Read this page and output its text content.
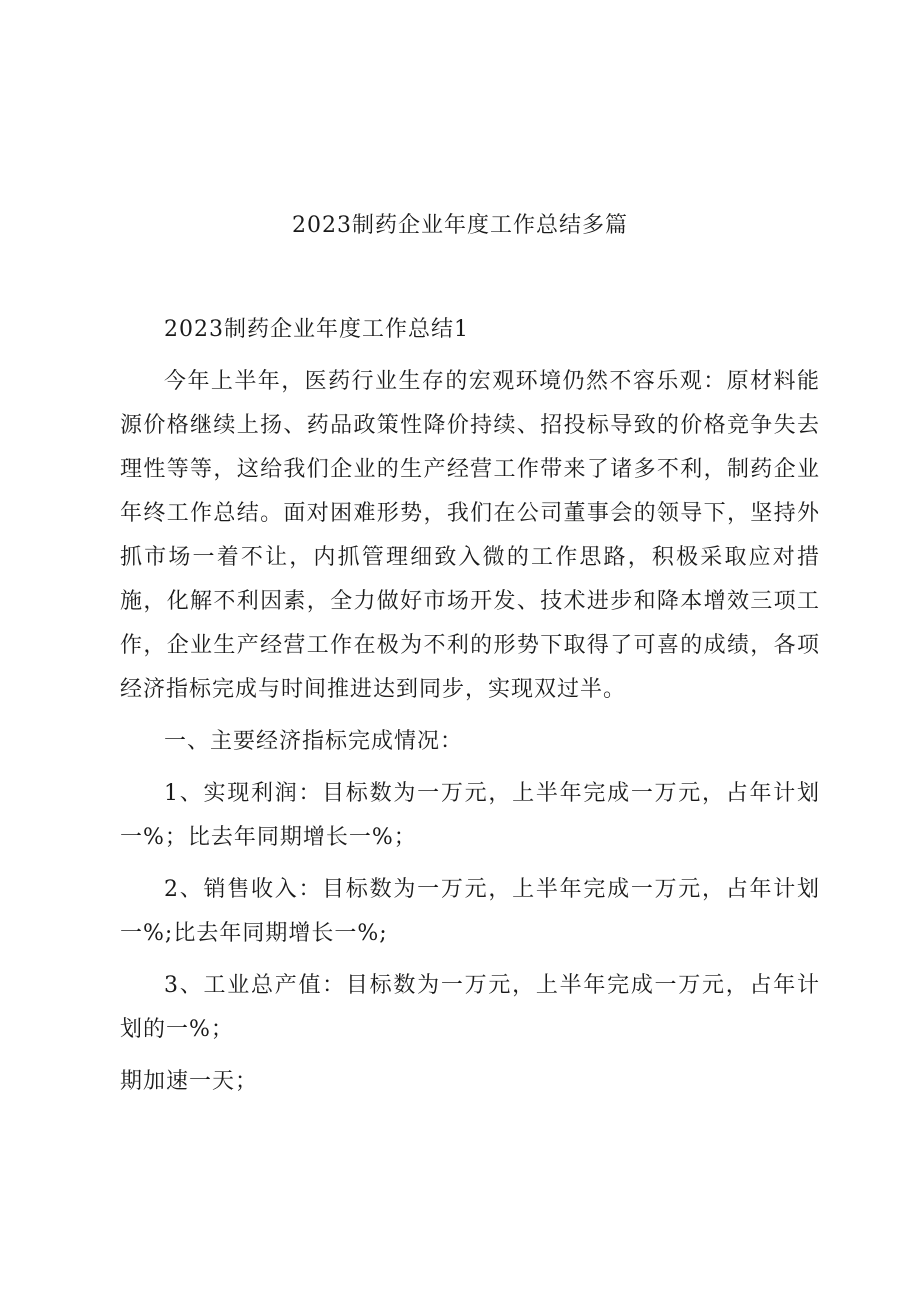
2023制药企业年度工作总结多篇

2023制药企业年度工作总结1

今年上半年，医药行业生存的宏观环境仍然不容乐观：原材料能源价格继续上扬、药品政策性降价持续、招投标导致的价格竞争失去理性等等，这给我们企业的生产经营工作带来了诸多不利，制药企业年终工作总结。面对困难形势，我们在公司董事会的领导下，坚持外抓市场一着不让，内抓管理细致入微的工作思路，积极采取应对措施，化解不利因素，全力做好市场开发、技术进步和降本增效三项工作，企业生产经营工作在极为不利的形势下取得了可喜的成绩，各项经济指标完成与时间推进达到同步，实现双过半。

一、主要经济指标完成情况：

1、实现利润：目标数为一万元，上半年完成一万元，占年计划一%；比去年同期增长一%；

2、销售收入：目标数为一万元，上半年完成一万元，占年计划一%;比去年同期增长一%;

3、工业总产值：目标数为一万元，上半年完成一万元，占年计划的一%；

期加速一天；
